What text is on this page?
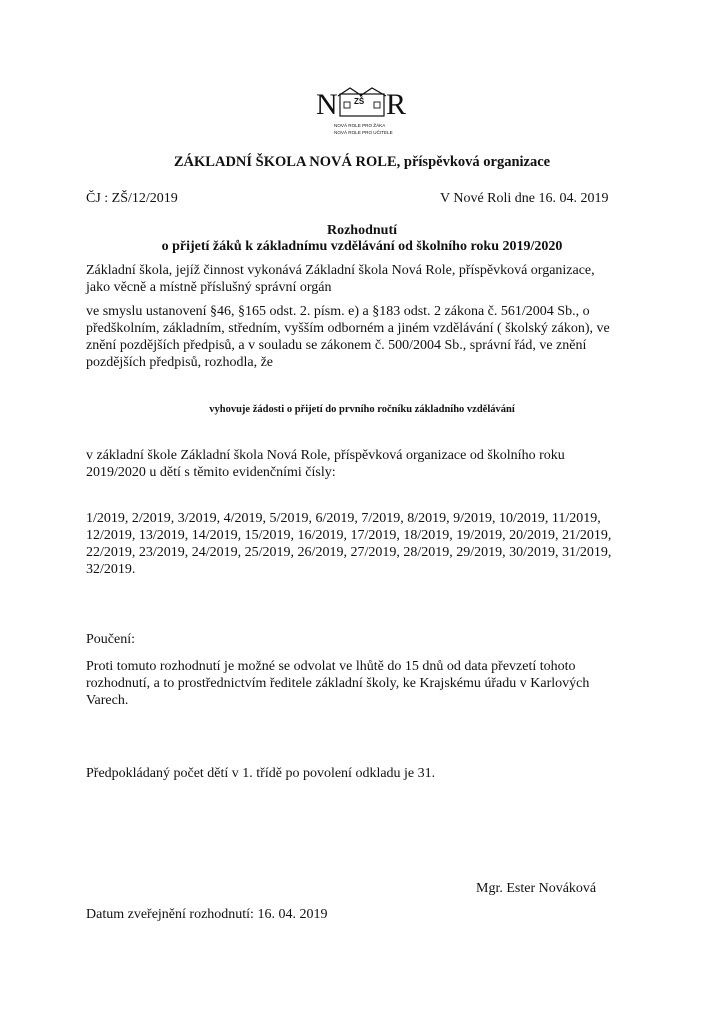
N ZŠ R
NOVÁ ROLE PRO ŽÁKA
NOVÁ ROLE PRO UČITELE
ZÁKLADNÍ ŠKOLA NOVÁ ROLE, příspěvková organizace
ČJ : ZŠ/12/2019	V Nové Roli dne 16. 04. 2019
Rozhodnutí
o přijetí žáků k základnímu vzdělávání od školního roku 2019/2020
Základní škola, jejíž činnost vykonává Základní škola Nová Role, příspěvková organizace,
jako věcně a místně příslušný správní orgán
ve smyslu ustanovení §46, §165 odst. 2. písm. e) a §183 odst. 2 zákona č. 561/2004 Sb., o
předškolním, základním, středním, vyšším odborném a jiném vzdělávání ( školský zákon), ve
znění pozdějších předpisů, a v souladu se zákonem č. 500/2004 Sb., správní řád, ve znění
pozdějších předpisů, rozhodla, že
vyhovuje žádosti o přijetí do prvního ročníku základního vzdělávání
v základní škole Základní škola Nová Role, příspěvková organizace od školního roku
2019/2020 u dětí s těmito evidenčními čísly:
1/2019, 2/2019, 3/2019, 4/2019, 5/2019, 6/2019, 7/2019, 8/2019, 9/2019, 10/2019, 11/2019,
12/2019, 13/2019, 14/2019, 15/2019, 16/2019, 17/2019, 18/2019, 19/2019, 20/2019, 21/2019,
22/2019, 23/2019, 24/2019, 25/2019, 26/2019, 27/2019, 28/2019, 29/2019, 30/2019, 31/2019,
32/2019.
Poučení:
Proti tomuto rozhodnutí je možné se odvolat ve lhůtě do 15 dnů od data převzetí tohoto
rozhodnutí, a to prostřednictvím ředitele základní školy, ke Krajskému úřadu v Karlových
Varech.
Předpokládaný počet dětí v 1. třídě po povolení odkladu je 31.
Mgr. Ester Nováková
Datum zveřejnění rozhodnutí: 16. 04. 2019
